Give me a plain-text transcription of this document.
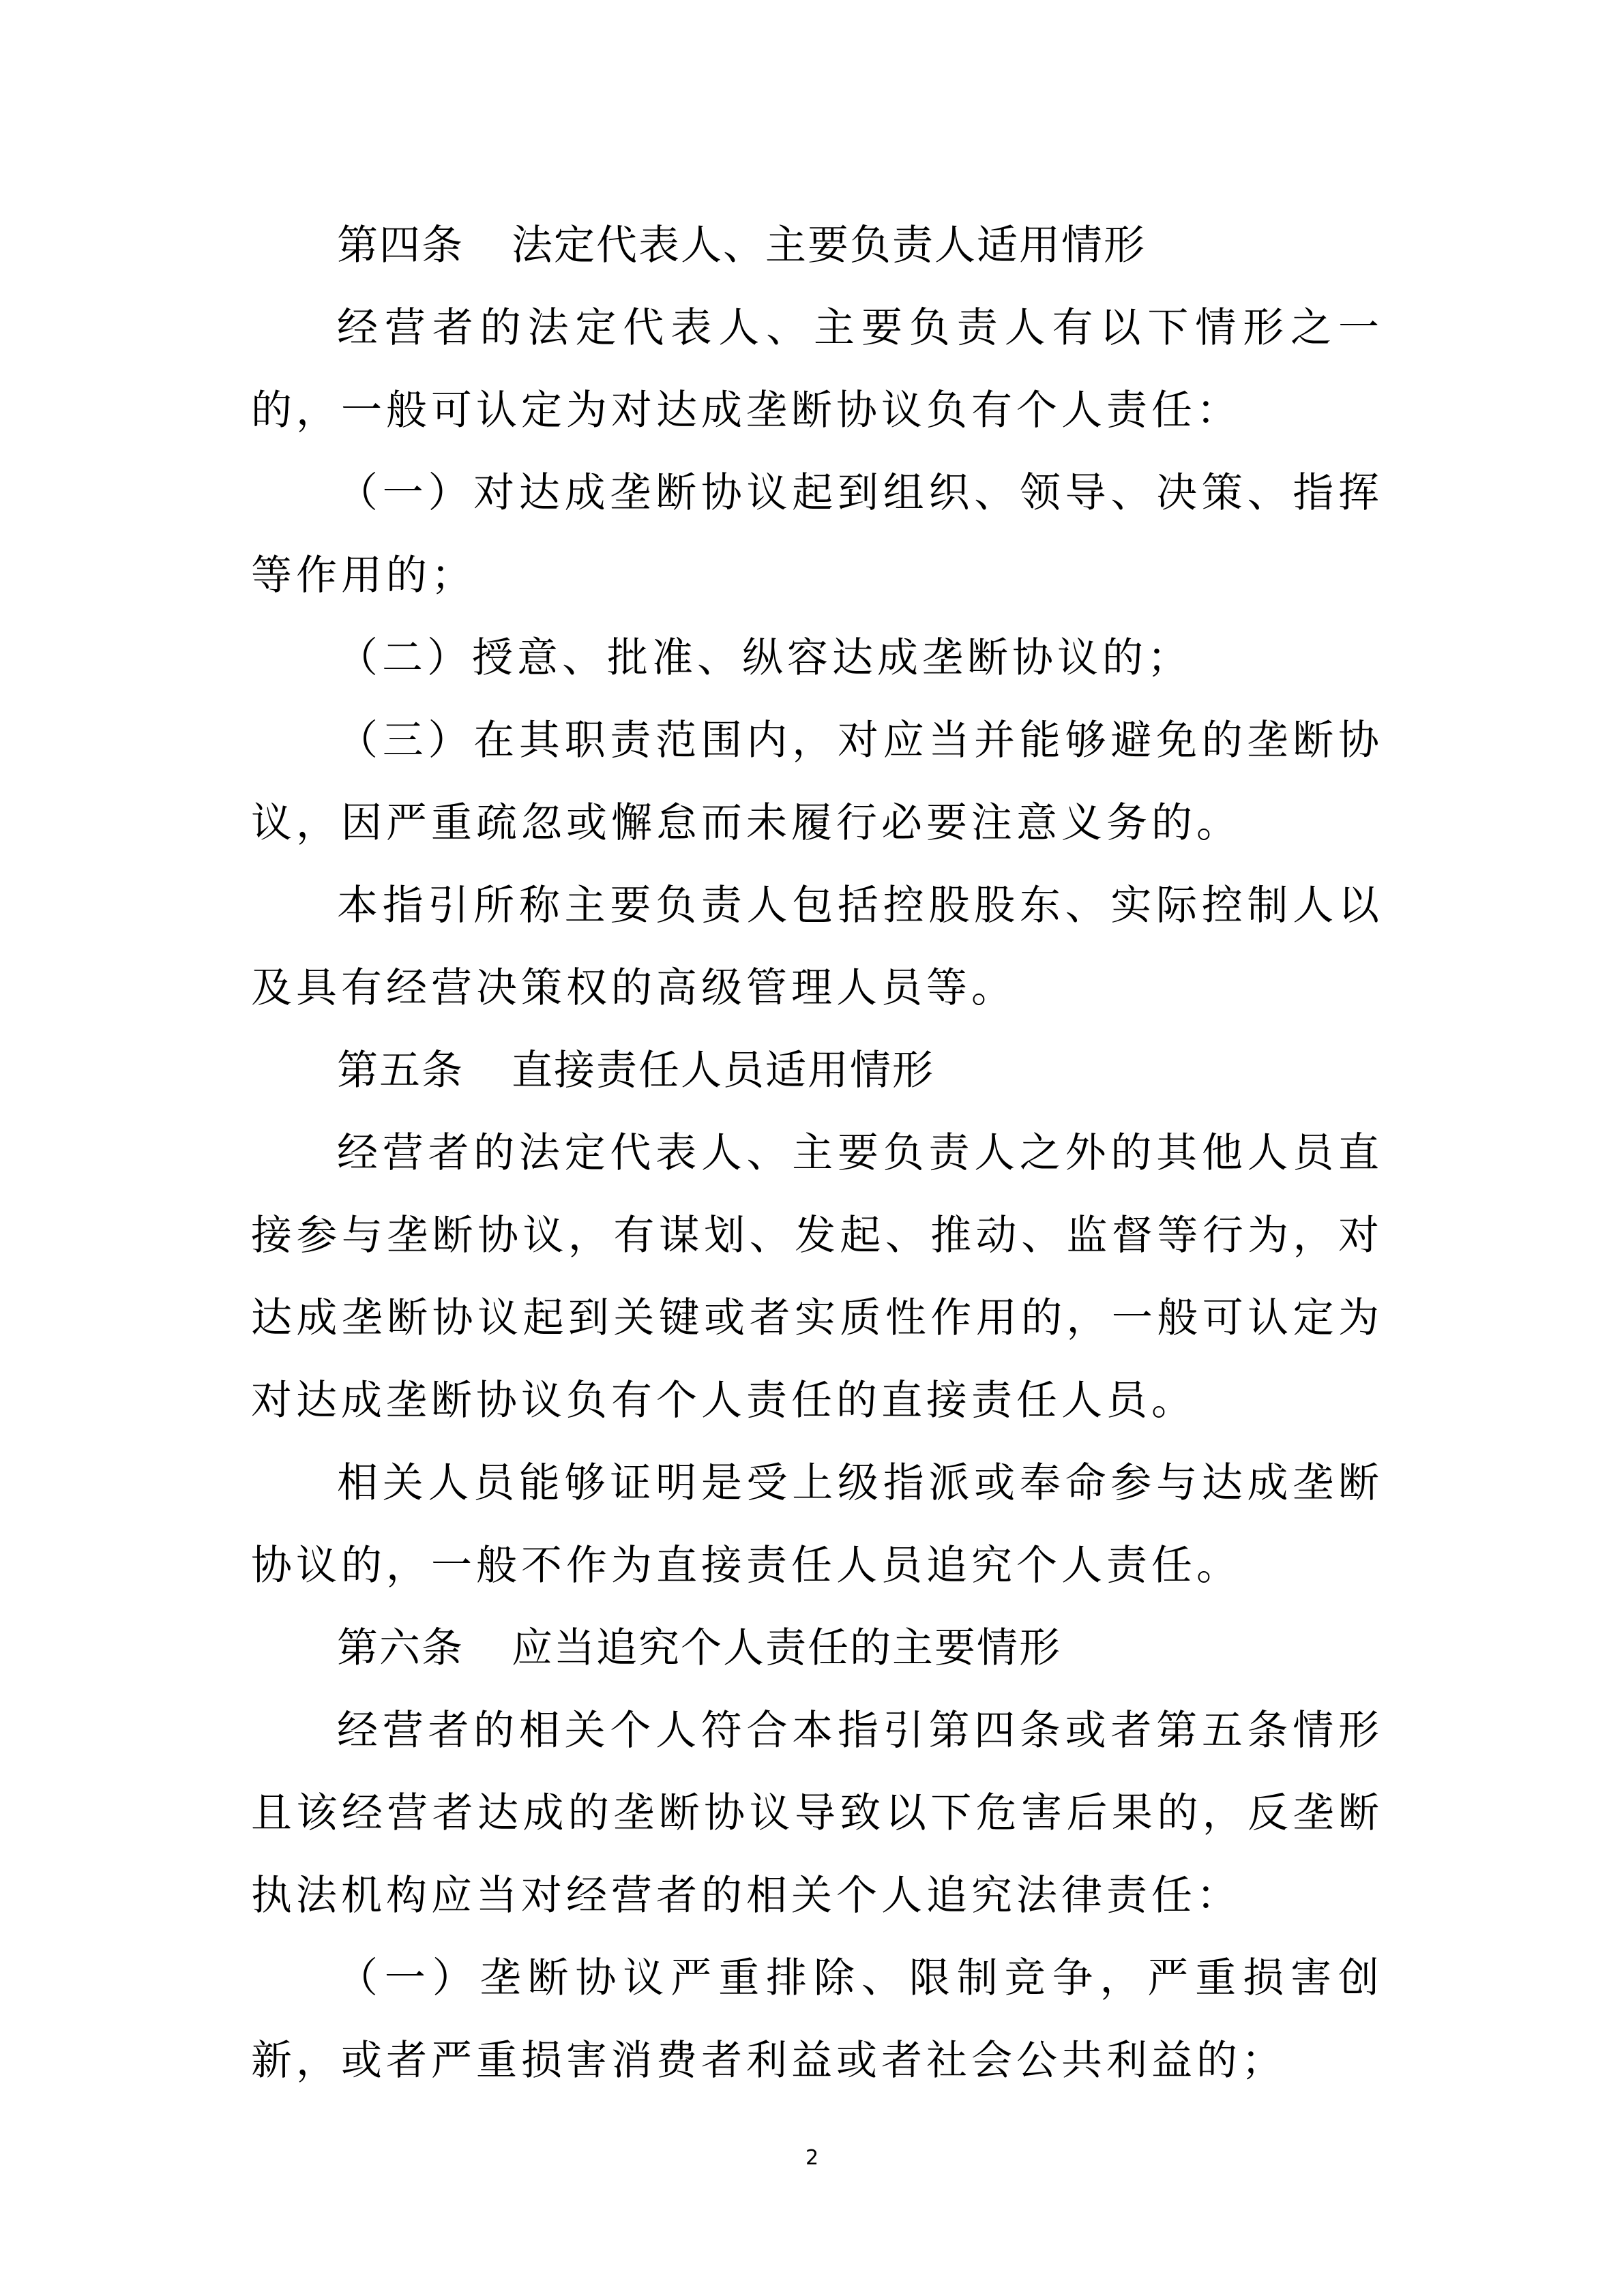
第四条 法定代表人、主要负责人适用情形

经营者的法定代表人、主要负责人有以下情形之一的，一般可认定为对达成垄断协议负有个人责任：

（一）对达成垄断协议起到组织、领导、决策、指挥等作用的；

（二）授意、批准、纵容达成垄断协议的；

（三）在其职责范围内，对应当并能够避免的垄断协议，因严重疏忽或懈怠而未履行必要注意义务的。

本指引所称主要负责人包括控股股东、实际控制人以及具有经营决策权的高级管理人员等。

第五条 直接责任人员适用情形

经营者的法定代表人、主要负责人之外的其他人员直接参与垄断协议，有谋划、发起、推动、监督等行为，对达成垄断协议起到关键或者实质性作用的，一般可认定为对达成垄断协议负有个人责任的直接责任人员。

相关人员能够证明是受上级指派或奉命参与达成垄断协议的，一般不作为直接责任人员追究个人责任。

第六条 应当追究个人责任的主要情形

经营者的相关个人符合本指引第四条或者第五条情形且该经营者达成的垄断协议导致以下危害后果的，反垄断执法机构应当对经营者的相关个人追究法律责任：

（一）垄断协议严重排除、限制竞争，严重损害创新，或者严重损害消费者利益或者社会公共利益的；

2
